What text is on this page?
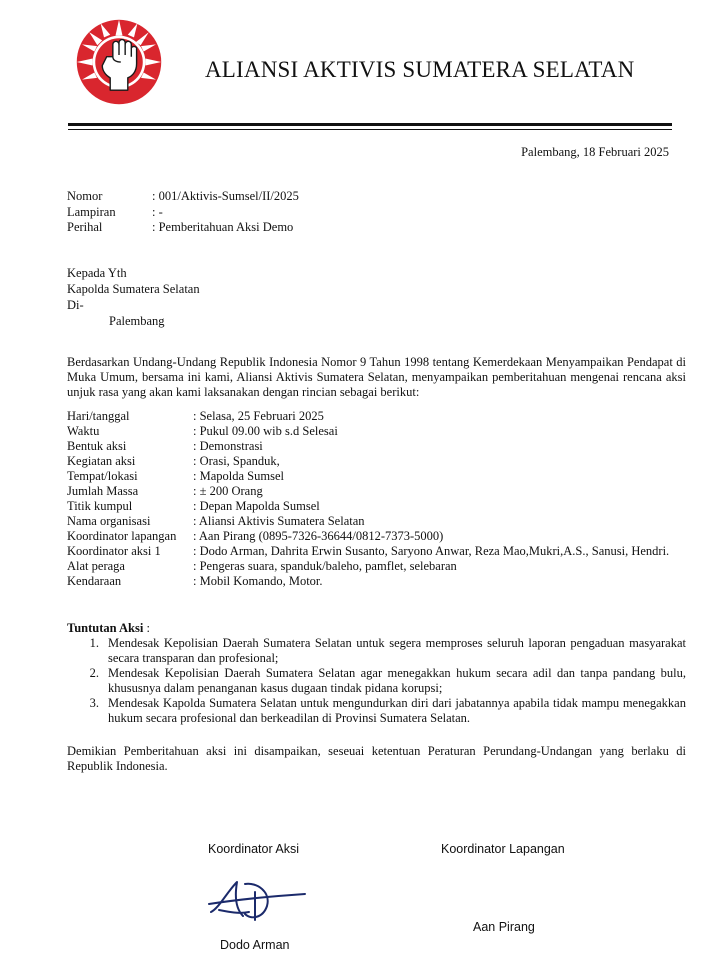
ALIANSI AKTIVIS SUMATERA SELATAN
Palembang, 18 Februari 2025
Nomor	: 001/Aktivis-Sumsel/II/2025
Lampiran	: -
Perihal	: Pemberitahuan Aksi Demo
Kepada Yth
Kapolda Sumatera Selatan
Di-
Palembang
Berdasarkan Undang-Undang Republik Indonesia Nomor 9 Tahun 1998 tentang Kemerdekaan Menyampaikan Pendapat di Muka Umum, bersama ini kami, Aliansi Aktivis Sumatera Selatan, menyampaikan pemberitahuan mengenai rencana aksi unjuk rasa yang akan kami laksanakan dengan rincian sebagai berikut:
Hari/tanggal	: Selasa, 25 Februari 2025
Waktu	: Pukul 09.00 wib s.d Selesai
Bentuk aksi	: Demonstrasi
Kegiatan aksi	: Orasi, Spanduk,
Tempat/lokasi	: Mapolda Sumsel
Jumlah Massa	: ± 200 Orang
Titik kumpul	: Depan Mapolda Sumsel
Nama organisasi	: Aliansi Aktivis Sumatera Selatan
Koordinator lapangan	: Aan Pirang (0895-7326-36644/0812-7373-5000)
Koordinator aksi 1	: Dodo Arman, Dahrita Erwin Susanto, Saryono Anwar, Reza Mao,Mukri,A.S., Sanusi, Hendri.
Alat peraga	: Pengeras suara, spanduk/baleho, pamflet, selebaran
Kendaraan	: Mobil Komando, Motor.
Tuntutan Aksi :
1. Mendesak Kepolisian Daerah Sumatera Selatan untuk segera memproses seluruh laporan pengaduan masyarakat secara transparan dan profesional;
2. Mendesak Kepolisian Daerah Sumatera Selatan agar menegakkan hukum secara adil dan tanpa pandang bulu, khususnya dalam penanganan kasus dugaan tindak pidana korupsi;
3. Mendesak Kapolda Sumatera Selatan untuk mengundurkan diri dari jabatannya apabila tidak mampu menegakkan hukum secara profesional dan berkeadilan di Provinsi Sumatera Selatan.
Demikian Pemberitahuan aksi ini disampaikan, seseuai ketentuan Peraturan Perundang-Undangan yang berlaku di Republik Indonesia.
Koordinator Aksi	Koordinator Lapangan
Dodo Arman
Aan Pirang
